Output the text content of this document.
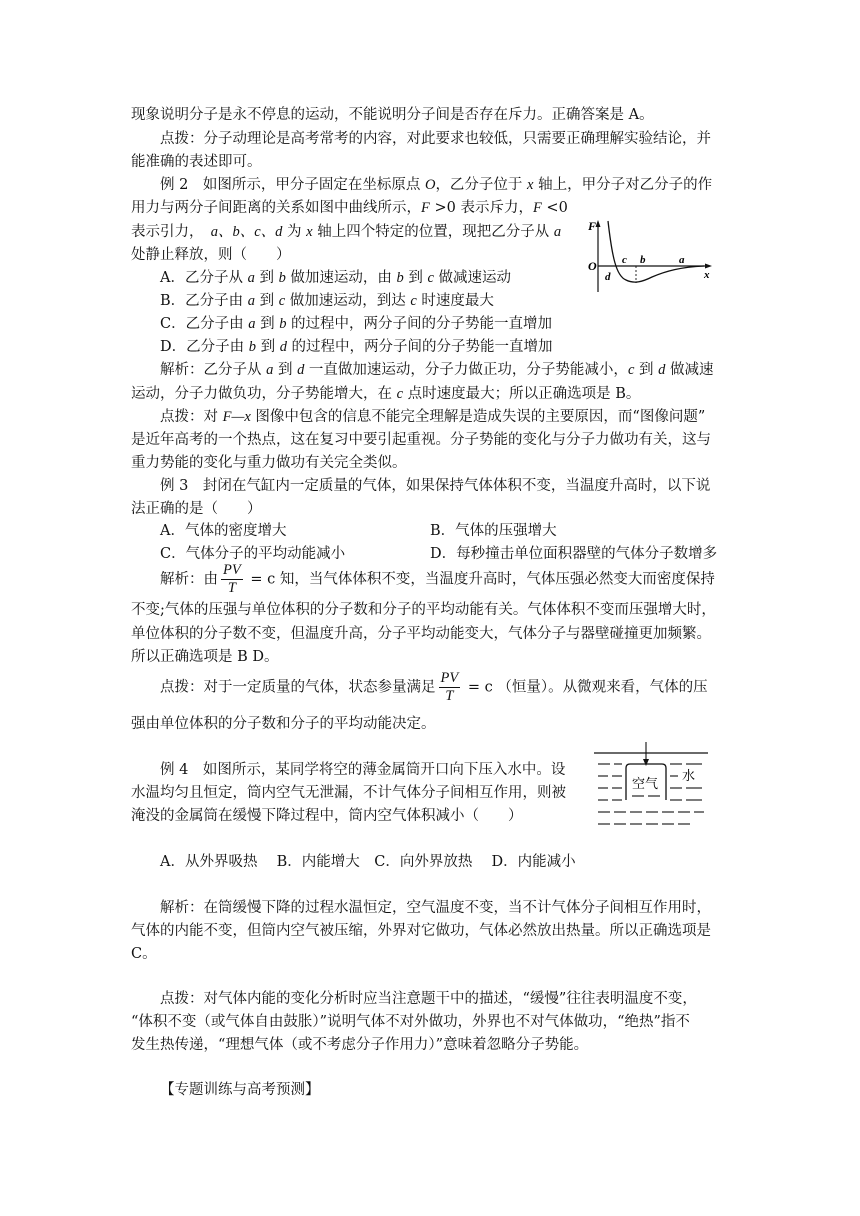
现象说明分子是永不停息的运动，不能说明分子间是否存在斥力。正确答案是 A。
点拨：分子动理论是高考常考的内容，对此要求也较低，只需要正确理解实验结论，并
能准确的表述即可。
例 2　如图所示，甲分子固定在坐标原点 O，乙分子位于 x 轴上，甲分子对乙分子的作
用力与两分子间距离的关系如图中曲线所示，F >0 表示斥力，F <0
表示引力，　a、b、c、d 为 x 轴上四个特定的位置，现把乙分子从 a
处静止释放，则（　　）
A．乙分子从 a 到 b 做加速运动，由 b 到 c 做减速运动
B．乙分子由 a 到 c 做加速运动，到达 c 时速度最大
C．乙分子由 a 到 b 的过程中，两分子间的分子势能一直增加
D．乙分子由 b 到 d 的过程中，两分子间的分子势能一直增加
解析：乙分子从 a 到 d 一直做加速运动，分子力做正功，分子势能减小，c 到 d 做减速
运动，分子力做负功，分子势能增大，在 c 点时速度最大；所以正确选项是 B。
点拨：对 F—x 图像中包含的信息不能完全理解是造成失误的主要原因，而“图像问题”
是近年高考的一个热点，这在复习中要引起重视。分子势能的变化与分子力做功有关，这与
重力势能的变化与重力做功有关完全类似。
例 3　封闭在气缸内一定质量的气体，如果保持气体体积不变，当温度升高时，以下说
法正确的是（　　）
A．气体的密度增大	B．气体的压强增大
C．气体分子的平均动能减小	D．每秒撞击单位面积器壁的气体分子数增多
解析：由 $\frac{PV}{T} = c$ 知，当气体体积不变，当温度升高时，气体压强必然变大而密度保持
不变;气体的压强与单位体积的分子数和分子的平均动能有关。气体体积不变而压强增大时，
单位体积的分子数不变，但温度升高，分子平均动能变大，气体分子与器壁碰撞更加频繁。
所以正确选项是 B D。
点拨：对于一定质量的气体，状态参量满足 $\frac{PV}{T} = c$ （恒量）。从微观来看，气体的压
强由单位体积的分子数和分子的平均动能决定。
例 4　如图所示，某同学将空的薄金属筒开口向下压入水中。设
水温均匀且恒定，筒内空气无泄漏，不计气体分子间相互作用，则被
淹没的金属筒在缓慢下降过程中，筒内空气体积减小（　　）
A．从外界吸热　 B．内能增大　C．向外界放热　 D．内能减小
解析：在筒缓慢下降的过程水温恒定，空气温度不变，当不计气体分子间相互作用时，
气体的内能不变，但筒内空气被压缩，外界对它做功，气体必然放出热量。所以正确选项是
C。
点拨：对气体内能的变化分析时应当注意题干中的描述，“缓慢”往往表明温度不变，
“体积不变（或气体自由鼓胀）”说明气体不对外做功，外界也不对气体做功，“绝热”指不
发生热传递，“理想气体（或不考虑分子作用力）”意味着忽略分子势能。
【专题训练与高考预测】
F
O c b	a
d	x
空气
水
